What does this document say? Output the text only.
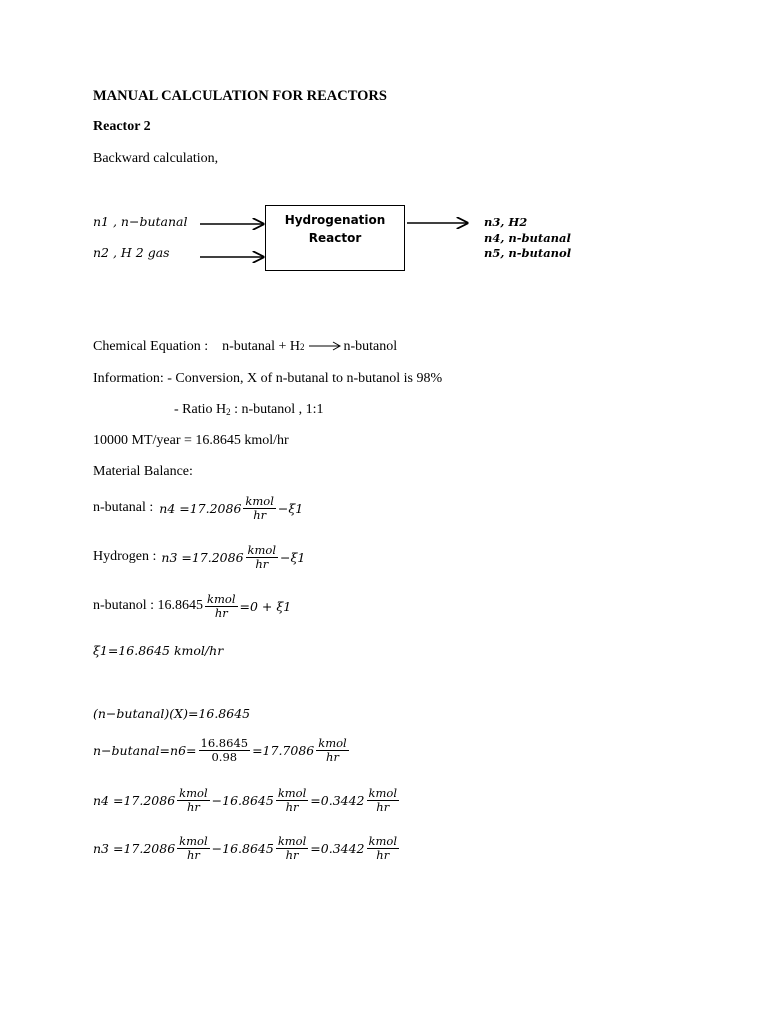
MANUAL CALCULATION FOR REACTORS
Reactor 2
Backward calculation,
n1 , n−butanal
n2 , H 2 gas
Hydrogenation
Reactor
n3, H2
n4, n-butanal
n5, n-butanol
Chemical Equation : n-butanal + H 2 → n-butanol
Information: - Conversion, X of n-butanal to n-butanol is 98%
- Ratio $H_2$ : n-butanol , 1:1
10000 MT/year = 16.8645 kmol/hr
Material Balance:
n-butanal : $n4 =17.2086 \frac{\text{kmol}}{hr} -\xi 1$
Hydrogen : $n3 =17.2086 \frac{\text{kmol}}{hr} -\xi 1$
n-butanol : $16.8645 \frac{\text{kmol}}{hr} =0 + \xi 1$
ξ1=16.8645 kmol/hr
(n−butanal)(X)=16.8645
n−butanal=n6= $\frac{16.8645}{0.98} =17.7086 \frac{\text{kmol}}{hr}$
$n4 =17.2086 \frac{\text{kmol}}{hr} -16.8645 \frac{\text{kmol}}{hr} =0.3442 \frac{\text{kmol}}{hr}$
$n3 =17.2086 \frac{\text{kmol}}{hr} -16.8645 \frac{\text{kmol}}{hr} =0.3442 \frac{\text{kmol}}{hr}$
